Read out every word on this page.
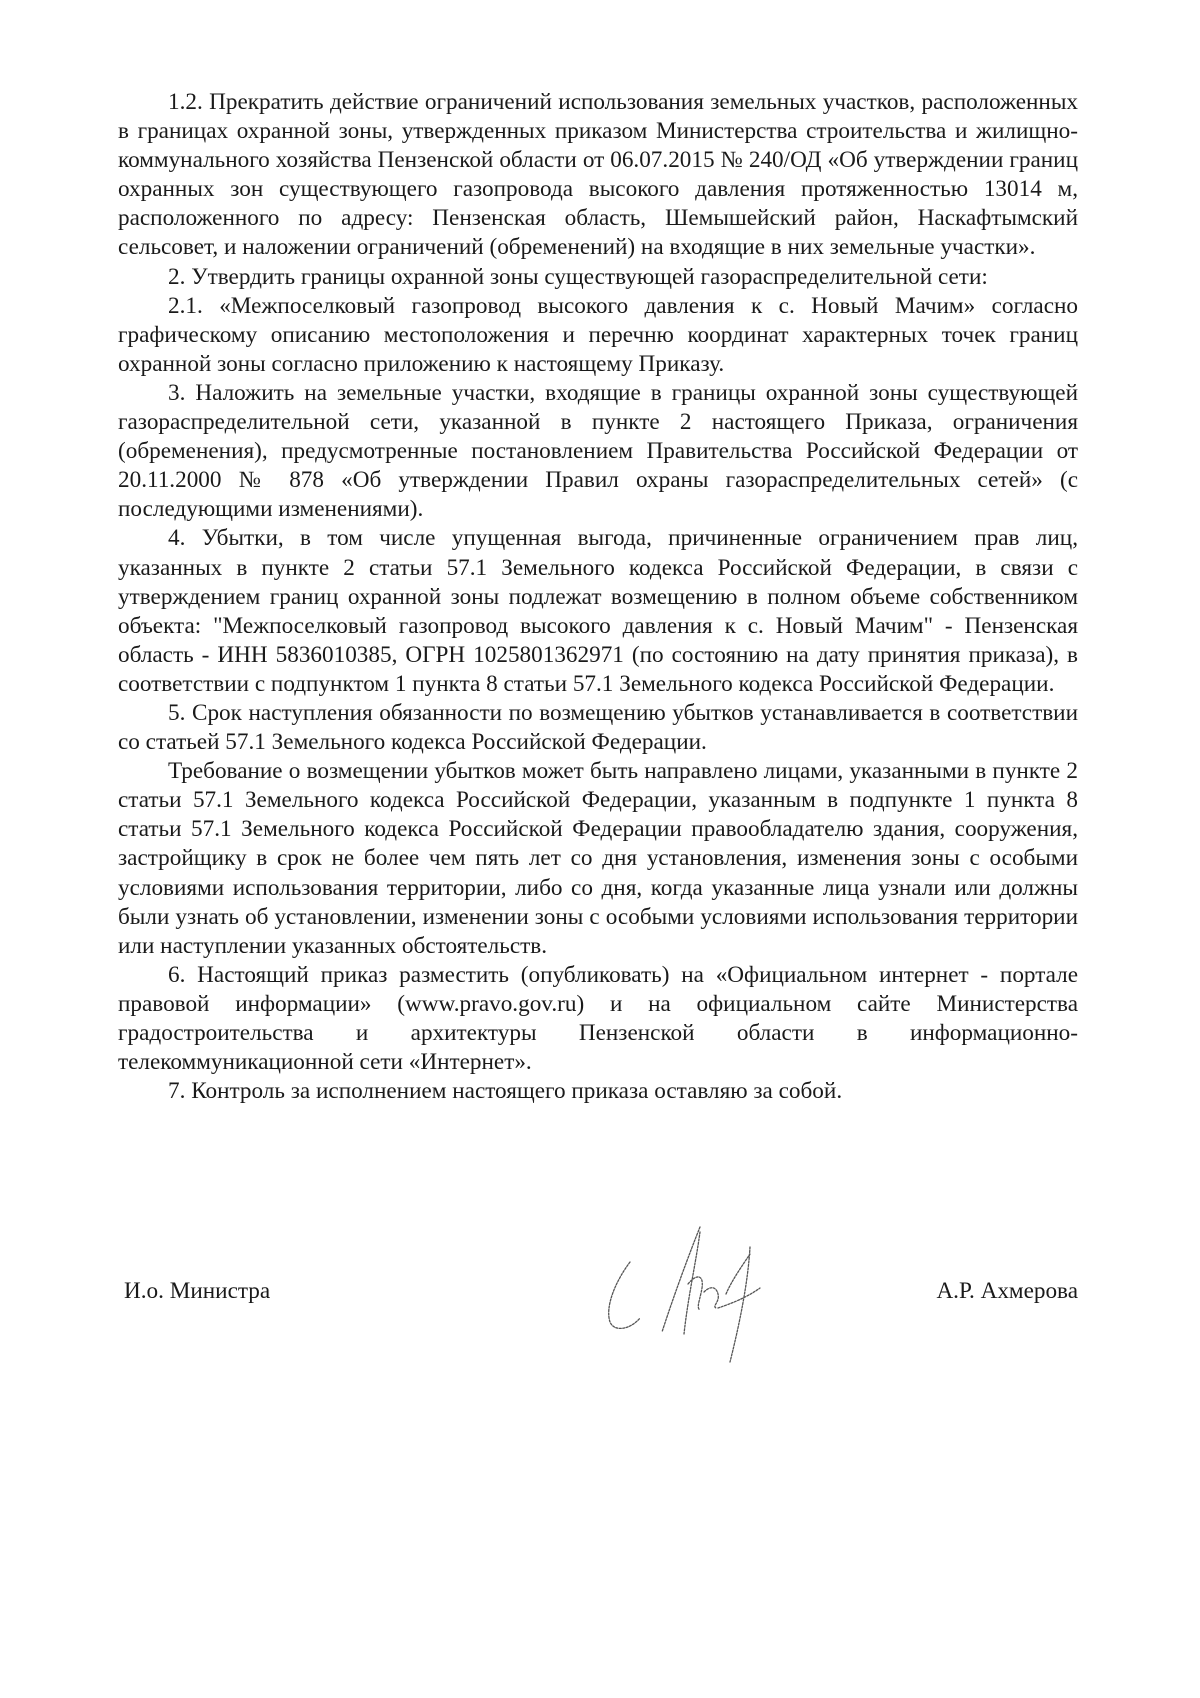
1.2. Прекратить действие ограничений использования земельных участков, расположенных в границах охранной зоны, утвержденных приказом Министерства строительства и жилищно-коммунального хозяйства Пензенской области от 06.07.2015 № 240/ОД «Об утверждении границ охранных зон существующего газопровода высокого давления протяженностью 13014 м, расположенного по адресу: Пензенская область, Шемышейский район, Наскафтымский сельсовет, и наложении ограничений (обременений) на входящие в них земельные участки».

2. Утвердить границы охранной зоны существующей газораспределительной сети:

2.1. «Межпоселковый газопровод высокого давления к с. Новый Мачим» согласно графическому описанию местоположения и перечню координат характерных точек границ охранной зоны согласно приложению к настоящему Приказу.

3. Наложить на земельные участки, входящие в границы охранной зоны существующей газораспределительной сети, указанной в пункте 2 настоящего Приказа, ограничения (обременения), предусмотренные постановлением Правительства Российской Федерации от 20.11.2000 № 878 «Об утверждении Правил охраны газораспределительных сетей» (с последующими изменениями).

4. Убытки, в том числе упущенная выгода, причиненные ограничением прав лиц, указанных в пункте 2 статьи 57.1 Земельного кодекса Российской Федерации, в связи с утверждением границ охранной зоны подлежат возмещению в полном объеме собственником объекта: "Межпоселковый газопровод высокого давления к с. Новый Мачим" - Пензенская область - ИНН 5836010385, ОГРН 1025801362971 (по состоянию на дату принятия приказа), в соответствии с подпунктом 1 пункта 8 статьи 57.1 Земельного кодекса Российской Федерации.

5. Срок наступления обязанности по возмещению убытков устанавливается в соответствии со статьей 57.1 Земельного кодекса Российской Федерации.

Требование о возмещении убытков может быть направлено лицами, указанными в пункте 2 статьи 57.1 Земельного кодекса Российской Федерации, указанным в подпункте 1 пункта 8 статьи 57.1 Земельного кодекса Российской Федерации правообладателю здания, сооружения, застройщику в срок не более чем пять лет со дня установления, изменения зоны с особыми условиями использования территории, либо со дня, когда указанные лица узнали или должны были узнать об установлении, изменении зоны с особыми условиями использования территории или наступлении указанных обстоятельств.

6. Настоящий приказ разместить (опубликовать) на «Официальном интернет - портале правовой информации» (www.pravo.gov.ru) и на официальном сайте Министерства градостроительства и архитектуры Пензенской области в информационно-телекоммуникационной сети «Интернет».

7. Контроль за исполнением настоящего приказа оставляю за собой.

И.о. Министра	А.Р. Ахмерова
